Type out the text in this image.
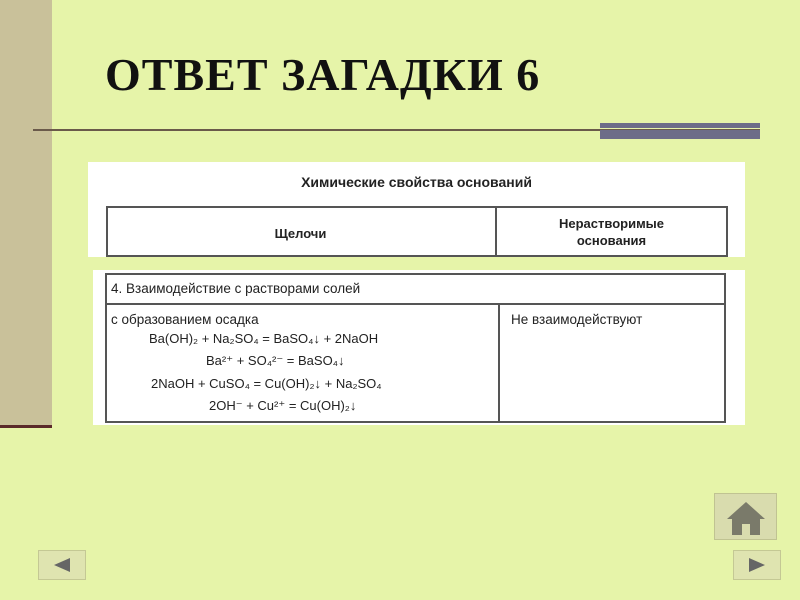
ОТВЕТ ЗАГАДКИ 6
Химические свойства оснований
Щелочи
Нерастворимые
основания
4. Взаимодействие с растворами солей
с образованием осадка	Не взаимодействуют
Ba(OH)₂ + Na₂SO₄ = BaSO₄↓ + 2NaOH
Ba²⁺ + SO₄²⁻ = BaSO₄↓
2NaOH + CuSO₄ = Cu(OH)₂↓ + Na₂SO₄
2OH⁻ + Cu²⁺ = Cu(OH)₂↓
